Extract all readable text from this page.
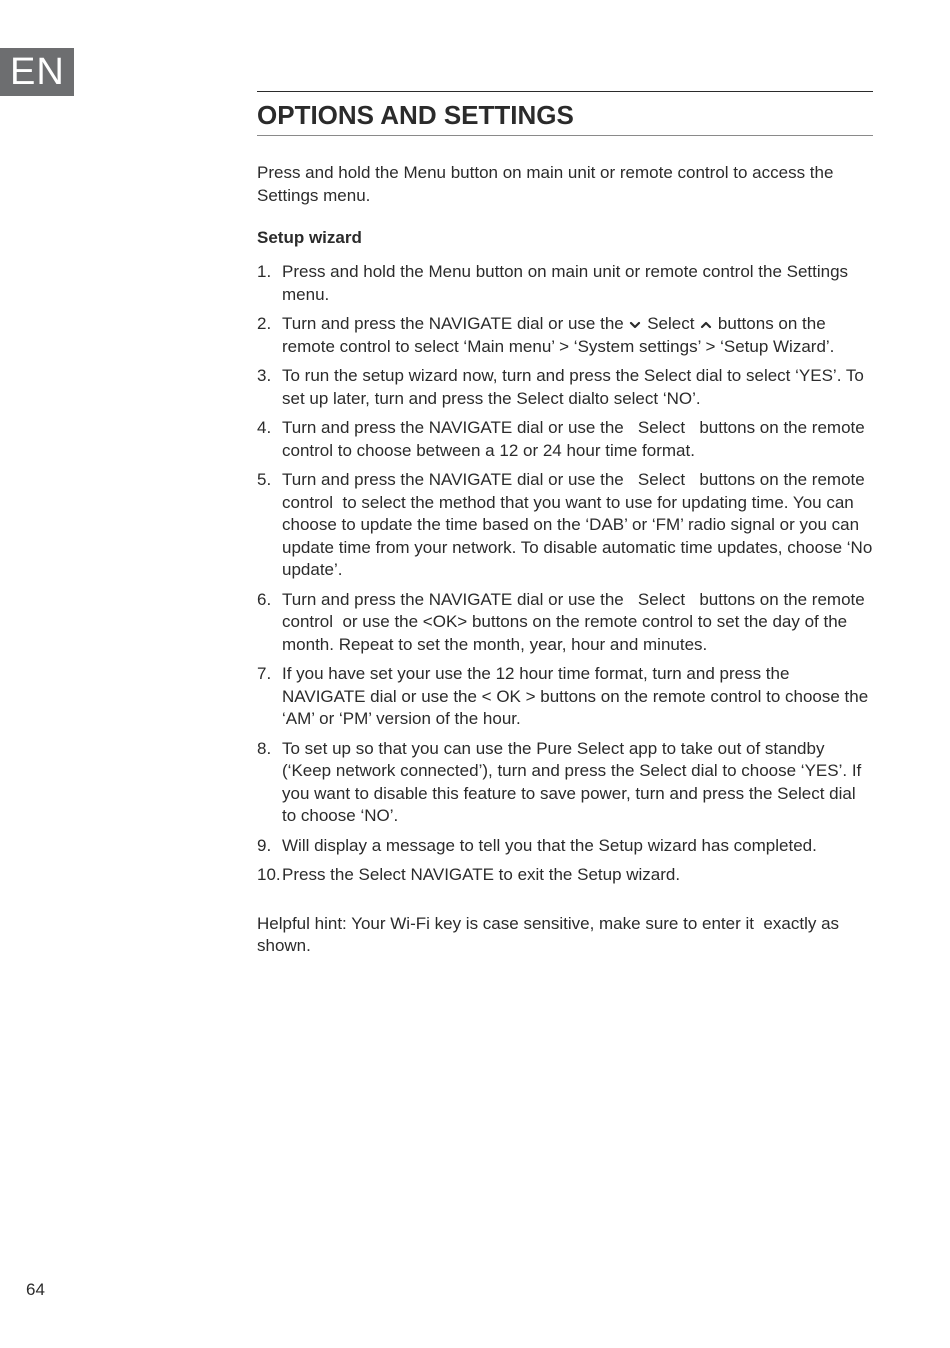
EN
OPTIONS AND SETTINGS

Press and hold the Menu button on main unit or remote control to access the Settings menu.

Setup wizard

1. Press and hold the Menu button on main unit or remote control the Settings menu.
2. Turn and press the NAVIGATE dial or use the  Select  buttons on the remote control to select ‘Main menu’ > ‘System settings’ > ‘Setup Wizard’.
3. To run the setup wizard now, turn and press the Select dial to select ‘YES’. To set up later, turn and press the Select dialto select ‘NO’.
4. Turn and press the NAVIGATE dial or use the   Select   buttons on the remote control to choose between a 12 or 24 hour time format.
5. Turn and press the NAVIGATE dial or use the   Select   buttons on the remote control  to select the method that you want to use for updating time. You can choose to update the time based on the ‘DAB’ or ‘FM’ radio signal or you can update time from your network. To disable automatic time updates, choose ‘No update’.
6. Turn and press the NAVIGATE dial or use the   Select   buttons on the remote control  or use the <OK> buttons on the remote control to set the day of the month. Repeat to set the month, year, hour and minutes.
7. If you have set your use the 12 hour time format, turn and press the NAVIGATE dial or use the < OK > buttons on the remote control to choose the ‘AM’ or ‘PM’ version of the hour.
8. To set up so that you can use the Pure Select app to take out of standby (‘Keep network connected’), turn and press the Select dial to choose ‘YES’. If you want to disable this feature to save power, turn and press the Select dial to choose ‘NO’.
9. Will display a message to tell you that the Setup wizard has completed.
10. Press the Select NAVIGATE to exit the Setup wizard.

Helpful hint: Your Wi-Fi key is case sensitive, make sure to enter it  exactly as shown.

64
